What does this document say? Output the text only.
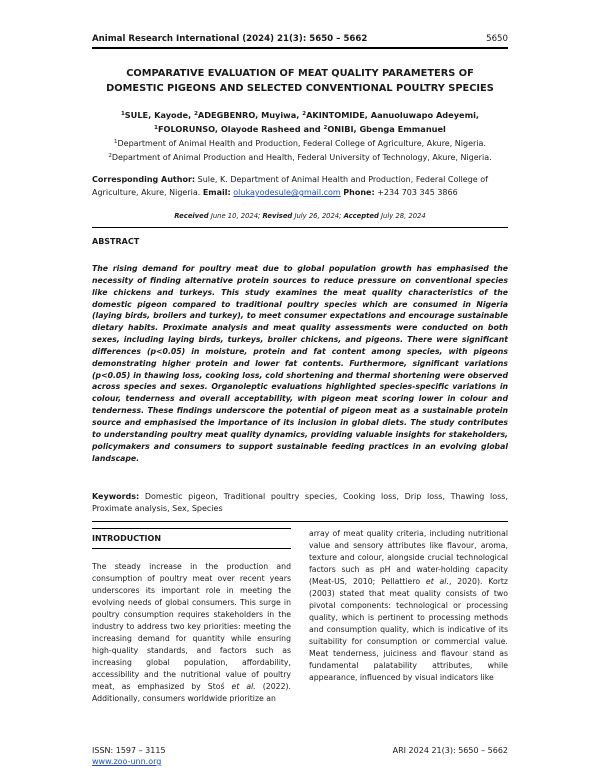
Animal Research International (2024) 21(3): 5650 – 5662	5650
COMPARATIVE EVALUATION OF MEAT QUALITY PARAMETERS OF
DOMESTIC PIGEONS AND SELECTED CONVENTIONAL POULTRY SPECIES
$^1$SULE, Kayode, $^2$ADEGBENRO, Muyiwa, $^2$AKINTOMIDE, Aanuoluwapo Adeyemi,
$^1$FOLORUNSO, Olayode Rasheed and $^2$ONIBI, Gbenga Emmanuel
$^1$Department of Animal Health and Production, Federal College of Agriculture, Akure, Nigeria.
$^2$Department of Animal Production and Health, Federal University of Technology, Akure, Nigeria.
Corresponding Author: Sule, K. Department of Animal Health and Production, Federal College of Agriculture, Akure, Nigeria. Email: olukayodesule@gmail.com Phone: +234 703 345 3866
Received June 10, 2024; Revised July 26, 2024; Accepted July 28, 2024
ABSTRACT
The rising demand for poultry meat due to global population growth has emphasised the necessity of finding alternative protein sources to reduce pressure on conventional species like chickens and turkeys. This study examines the meat quality characteristics of the domestic pigeon compared to traditional poultry species which are consumed in Nigeria (laying birds, broilers and turkey), to meet consumer expectations and encourage sustainable dietary habits. Proximate analysis and meat quality assessments were conducted on both sexes, including laying birds, turkeys, broiler chickens, and pigeons. There were significant differences (p<0.05) in moisture, protein and fat content among species, with pigeons demonstrating higher protein and lower fat contents. Furthermore, significant variations (p<0.05) in thawing loss, cooking loss, cold shortening and thermal shortening were observed across species and sexes. Organoleptic evaluations highlighted species-specific variations in colour, tenderness and overall acceptability, with pigeon meat scoring lower in colour and tenderness. These findings underscore the potential of pigeon meat as a sustainable protein source and emphasised the importance of its inclusion in global diets. The study contributes to understanding poultry meat quality dynamics, providing valuable insights for stakeholders, policymakers and consumers to support sustainable feeding practices in an evolving global landscape.
Keywords: Domestic pigeon, Traditional poultry species, Cooking loss, Drip loss, Thawing loss, Proximate analysis, Sex, Species
INTRODUCTION

The steady increase in the production and consumption of poultry meat over recent years underscores its important role in meeting the evolving needs of global consumers. This surge in poultry consumption requires stakeholders in the industry to address two key priorities: meeting the increasing demand for quantity while ensuring high-quality standards, and factors such as increasing global population, affordability, accessibility and the nutritional value of poultry meat, as emphasized by Stoś et al. (2022). Additionally, consumers worldwide prioritize an

array of meat quality criteria, including nutritional value and sensory attributes like flavour, aroma, texture and colour, alongside crucial technological factors such as pH and water-holding capacity (Meat-US, 2010; Pellattiero et al., 2020). Kortz (2003) stated that meat quality consists of two pivotal components: technological or processing quality, which is pertinent to processing methods and consumption quality, which is indicative of its suitability for consumption or commercial value. Meat tenderness, juiciness and flavour stand as fundamental palatability attributes, while appearance, influenced by visual indicators like

ISSN: 1597 – 3115
www.zoo-unn.org
ARI 2024 21(3): 5650 – 5662
